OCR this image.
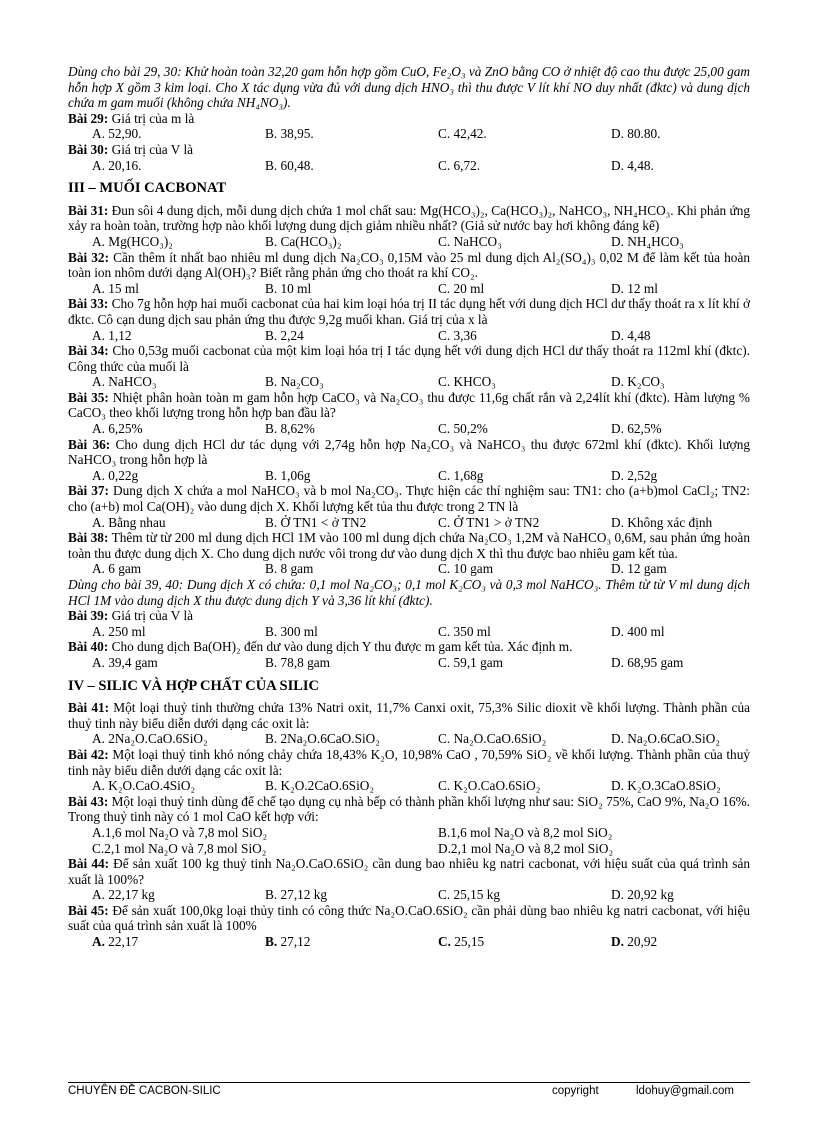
Dùng cho bài 29, 30: Khử hoàn toàn 32,20 gam hỗn hợp gồm CuO, Fe₂O₃ và ZnO bằng CO ở nhiệt độ cao thu được 25,00 gam hỗn hợp X gồm 3 kim loại. Cho X tác dụng vừa đủ với dung dịch HNO₃ thì thu được V lít khí NO duy nhất (đktc) và dung dịch chứa m gam muối (không chứa NH₄NO₃).

Bài 29: Giá trị của m là

A. 52,90.	B. 38,95.	C. 42,42.	D. 80.80.

Bài 30: Giá trị của V là

A. 20,16.	B. 60,48.	C. 6,72.	D. 4,48.
III – MUỐI CACBONAT

Bài 31: Đun sôi 4 dung dịch, mỗi dung dịch chứa 1 mol chất sau: Mg(HCO₃)₂, Ca(HCO₃)₂, NaHCO₃, NH₄HCO₃. Khi phản ứng xảy ra hoàn toàn, trường hợp nào khối lượng dung dịch giảm nhiều nhất? (Giả sử nước bay hơi không đáng kể)

A. Mg(HCO₃)₂	B. Ca(HCO₃)₂	C. NaHCO₃	D. NH₄HCO₃

Bài 32: Cần thêm ít nhất bao nhiêu ml dung dịch Na₂CO₃ 0,15M vào 25 ml dung dịch Al₂(SO₄)₃ 0,02 M để làm kết tủa hoàn toàn ion nhôm dưới dạng Al(OH)₃? Biết rằng phản ứng cho thoát ra khí CO₂.

A. 15 ml	B. 10 ml	C. 20 ml	D. 12 ml

Bài 33: Cho 7g hỗn hợp hai muối cacbonat của hai kim loại hóa trị II tác dụng hết với dung dịch HCl dư thấy thoát ra x lít khí ở đktc. Cô cạn dung dịch sau phản ứng thu được 9,2g muối khan. Giá trị của x là

A. 1,12	B. 2,24	C. 3,36	D. 4,48

Bài 34: Cho 0,53g muối cacbonat của một kim loại hóa trị I tác dụng hết với dung dịch HCl dư thấy thoát ra 112ml khí (đktc). Công thức của muối là

A. NaHCO₃	B. Na₂CO₃	C. KHCO₃	D. K₂CO₃

Bài 35: Nhiệt phân hoàn toàn m gam hỗn hợp CaCO₃ và Na₂CO₃ thu được 11,6g chất rắn và 2,24lít khí (đktc). Hàm lượng % CaCO₃ theo khối lượng trong hỗn hợp ban đầu là?

A. 6,25%	B. 8,62%	C. 50,2%	D. 62,5%

Bài 36: Cho dung dịch HCl dư tác dụng với 2,74g hỗn hợp Na₂CO₃ và NaHCO₃ thu được 672ml khí (đktc). Khối lượng NaHCO₃ trong hỗn hợp là

A. 0,22g	B. 1,06g	C. 1,68g	D. 2,52g

Bài 37: Dung dịch X chứa a mol NaHCO₃ và b mol Na₂CO₃. Thực hiện các thí nghiệm sau: TN1: cho (a+b)mol CaCl₂; TN2: cho (a+b) mol Ca(OH)₂ vào dung dịch X. Khối lượng kết tủa thu được trong 2 TN là

A. Bằng nhau	B. Ở TN1 < ở TN2	C. Ở TN1 > ở TN2	D. Không xác định

Bài 38: Thêm từ từ 200 ml dung dịch HCl 1M vào 100 ml dung dịch chứa Na₂CO₃ 1,2M và NaHCO₃ 0,6M, sau phản ứng hoàn toàn thu được dung dịch X. Cho dung dịch nước vôi trong dư vào dung dịch X thì thu được bao nhiêu gam kết tủa.

A. 6 gam	B. 8 gam	C. 10 gam	D. 12 gam

Dùng cho bài 39, 40: Dung dịch X có chứa: 0,1 mol Na₂CO₃; 0,1 mol K₂CO₃ và 0,3 mol NaHCO₃. Thêm từ từ V ml dung dịch HCl 1M vào dung dịch X thu được dung dịch Y và 3,36 lít khí (đktc).

Bài 39: Giá trị của V là

A. 250 ml	B. 300 ml	C. 350 ml	D. 400 ml

Bài 40: Cho dung dịch Ba(OH)₂ đến dư vào dung dịch Y thu được m gam kết tủa. Xác định m.

A. 39,4 gam	B. 78,8 gam	C. 59,1 gam	D. 68,95 gam
IV – SILIC VÀ HỢP CHẤT CỦA SILIC

Bài 41: Một loại thuỷ tinh thường chứa 13% Natri oxit, 11,7% Canxi oxit, 75,3% Silic dioxit về khối lượng. Thành phần của thuỷ tinh này biểu diễn dưới dạng các oxit là:

A. 2Na₂O.CaO.6SiO₂	B. 2Na₂O.6CaO.SiO₂	C. Na₂O.CaO.6SiO₂	D. Na₂O.6CaO.SiO₂

Bài 42: Một loại thuỷ tinh khó nóng chảy chứa 18,43% K₂O, 10,98% CaO , 70,59% SiO₂ về khối lượng. Thành phần của thuỷ tinh này biểu diễn dưới dạng các oxit là:

A. K₂O.CaO.4SiO₂	B. K₂O.2CaO.6SiO₂	C. K₂O.CaO.6SiO₂	D. K₂O.3CaO.8SiO₂

Bài 43: Một loại thuỷ tinh dùng để chế tạo dụng cụ nhà bếp có thành phần khối lượng như sau: SiO₂ 75%, CaO 9%, Na₂O 16%. Trong thuỷ tinh này có 1 mol CaO kết hợp với:

A.1,6 mol Na₂O và 7,8 mol SiO₂	B.1,6 mol Na₂O và 8,2 mol SiO₂
C.2,1 mol Na₂O và 7,8 mol SiO₂	D.2,1 mol Na₂O và 8,2 mol SiO₂

Bài 44: Để sản xuất 100 kg thuỷ tinh Na₂O.CaO.6SiO₂ cần dung bao nhiêu kg natri cacbonat, với hiệu suất của quá trình sản xuất là 100%?

A. 22,17 kg	B. 27,12 kg	C. 25,15 kg	D. 20,92 kg

Bài 45: Để sản xuất 100,0kg loại thủy tinh có công thức Na₂O.CaO.6SiO₂ cần phải dùng bao nhiêu kg natri cacbonat, với hiệu suất của quá trình sản xuất là 100%

A. 22,17	B. 27,12	C. 25,15	D. 20,92
CHUYÊN ĐỀ CACBON-SILIC	copyright	ldohuy@gmail.com
